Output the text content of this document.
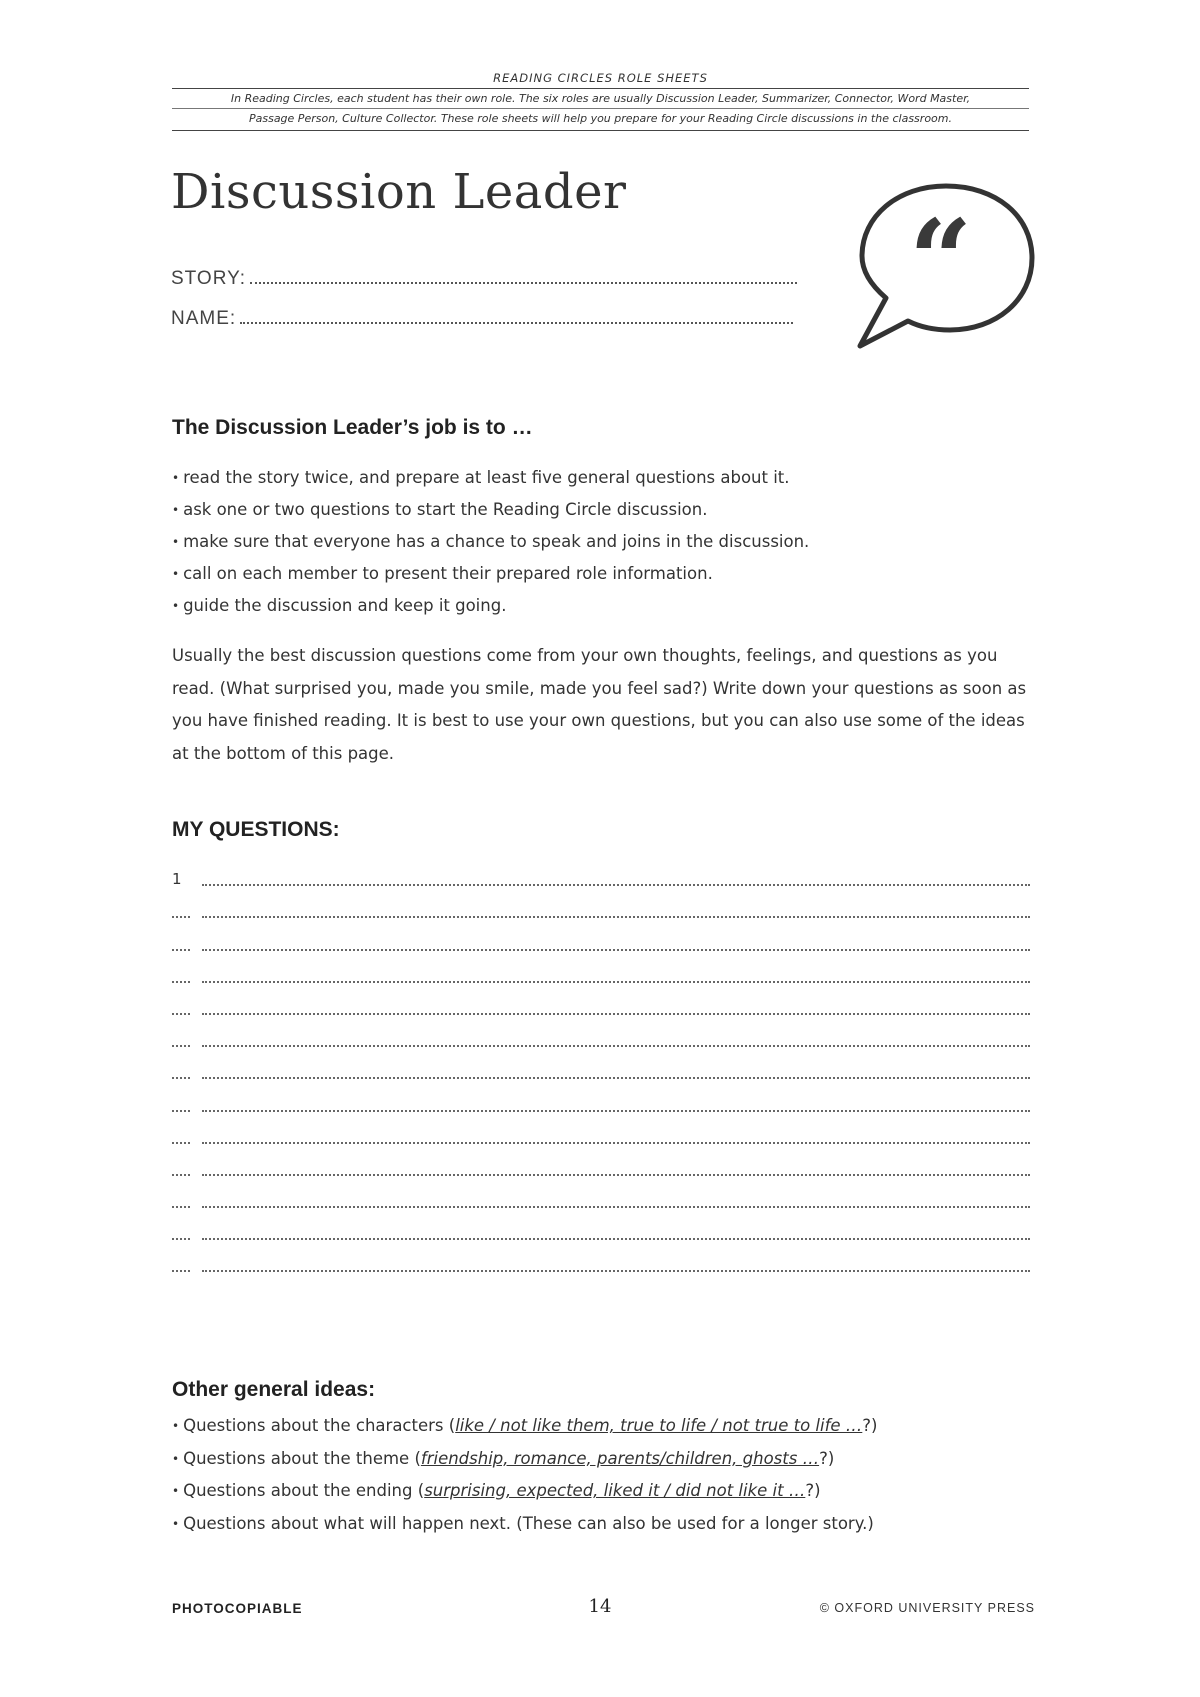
READING CIRCLES ROLE SHEETS
In Reading Circles, each student has their own role. The six roles are usually Discussion Leader, Summarizer, Connector, Word Master,
Passage Person, Culture Collector. These role sheets will help you prepare for your Reading Circle discussions in the classroom.
Discussion Leader
STORY:
NAME:	“
The Discussion Leader’s job is to …
• read the story twice, and prepare at least five general questions about it.
• ask one or two questions to start the Reading Circle discussion.
• make sure that everyone has a chance to speak and joins in the discussion.
• call on each member to present their prepared role information.
• guide the discussion and keep it going.

Usually the best discussion questions come from your own thoughts, feelings, and questions as you read. (What surprised you, made you smile, made you feel sad?) Write down your questions as soon as you have finished reading. It is best to use your own questions, but you can also use some of the ideas at the bottom of this page.

MY QUESTIONS:
1
Other general ideas:
• Questions about the characters (like / not like them, true to life / not true to life …?)
• Questions about the theme (friendship, romance, parents/children, ghosts …?)
• Questions about the ending (surprising, expected, liked it / did not like it …?)
• Questions about what will happen next. (These can also be used for a longer story.)
PHOTOCOPIABLE	14	© OXFORD UNIVERSITY PRESS
